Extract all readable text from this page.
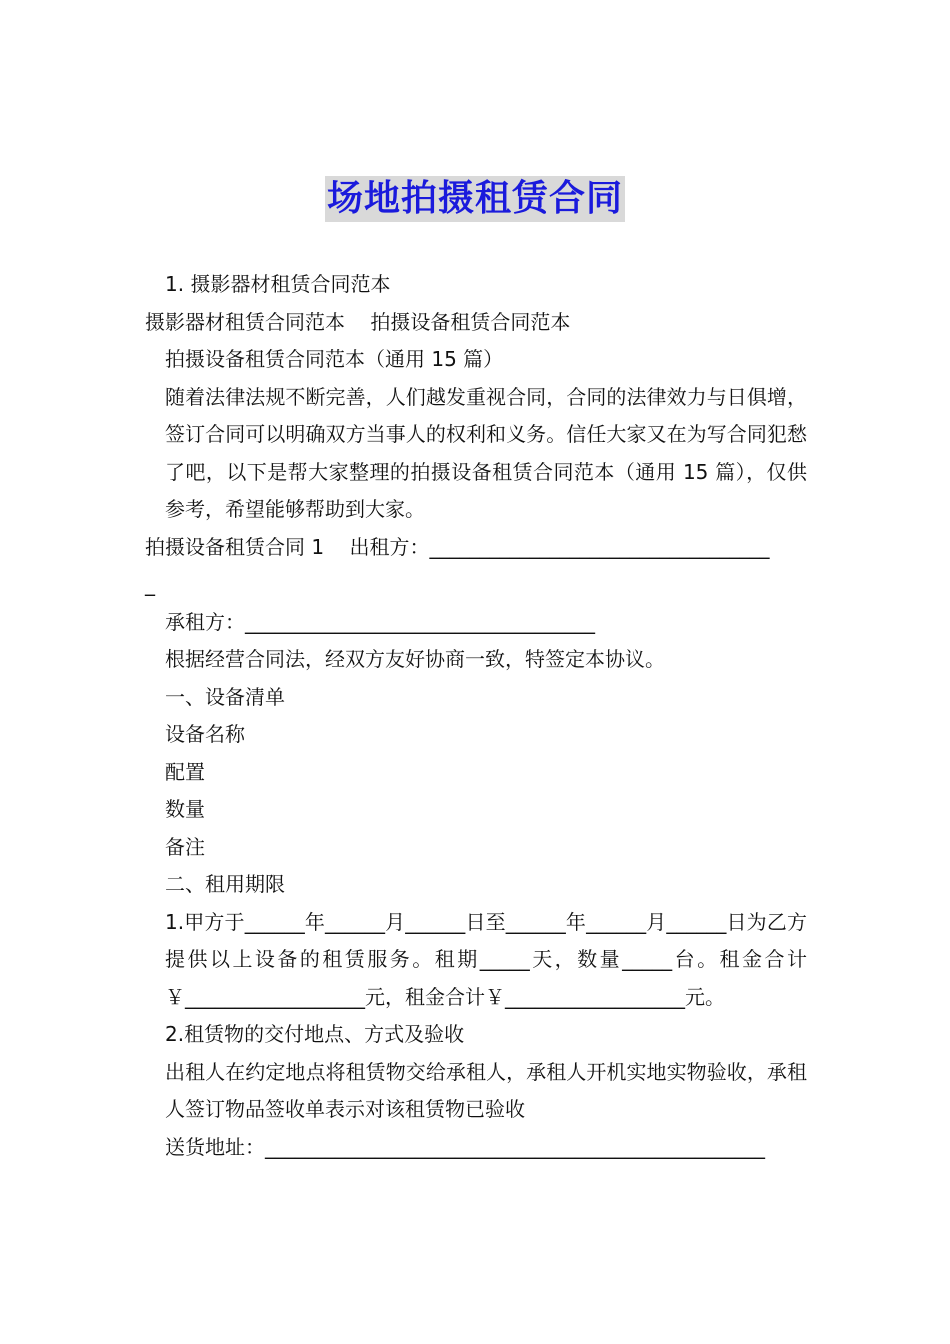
场地拍摄租赁合同

1. 摄影器材租赁合同范本

摄影器材租赁合同范本    拍摄设备租赁合同范本

拍摄设备租赁合同范本（通用 15 篇）

随着法律法规不断完善，人们越发重视合同，合同的法律效力与日俱增，签订合同可以明确双方当事人的权利和义务。信任大家又在为写合同犯愁了吧，以下是帮大家整理的拍摄设备租赁合同范本（通用 15 篇），仅供参考，希望能够帮助到大家。

拍摄设备租赁合同 1    出租方：__________________________________

_

承租方：___________________________________

根据经营合同法，经双方友好协商一致，特签定本协议。

一、设备清单

设备名称

配置

数量

备注

二、租用期限

1.甲方于______年______月______日至______年______月______日为乙方提供以上设备的租赁服务。租期_____天，数量_____台。租金合计￥__________________元，租金合计￥__________________元。

2.租赁物的交付地点、方式及验收

出租人在约定地点将租赁物交给承租人，承租人开机实地实物验收，承租人签订物品签收单表示对该租赁物已验收

送货地址：__________________________________________________
